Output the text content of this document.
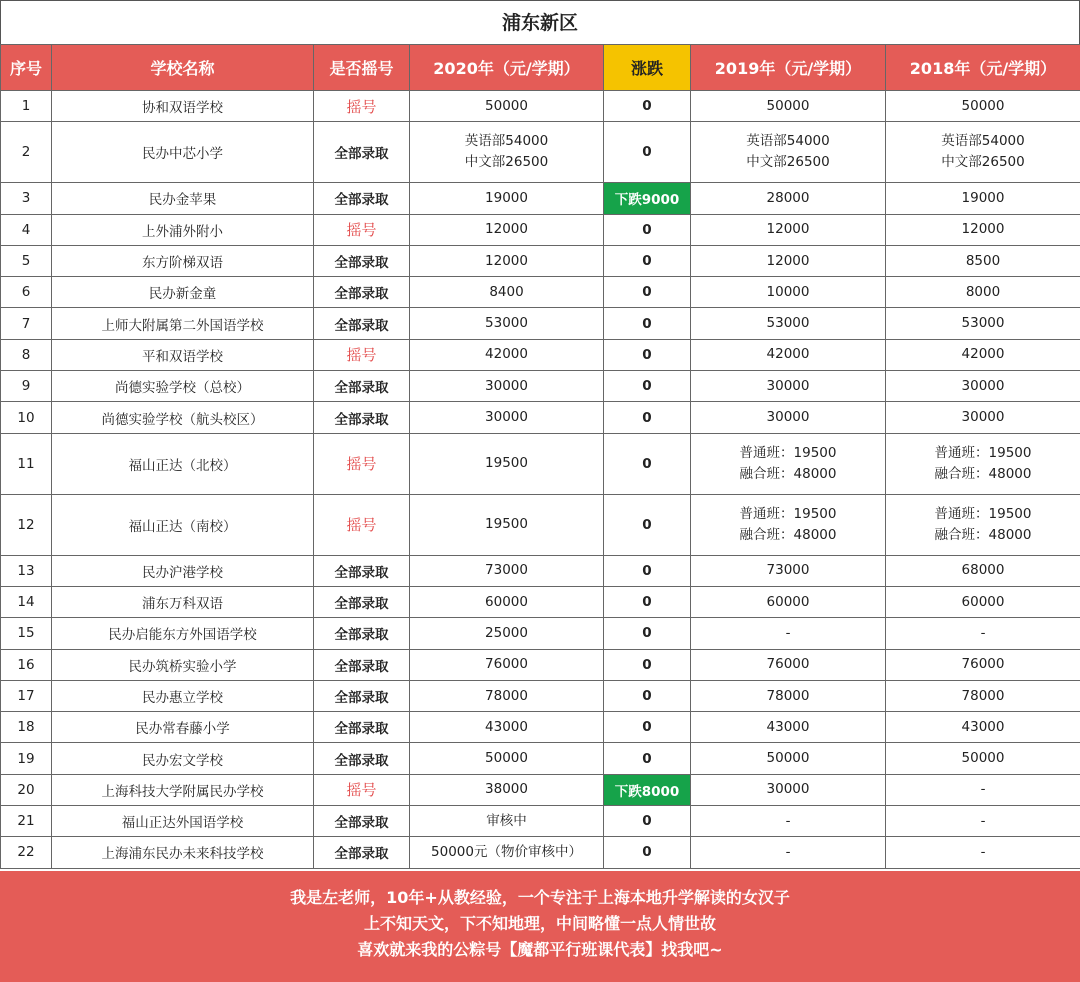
浦东新区
序号	学校名称	是否摇号	2020年（元/学期）	涨跌	2019年（元/学期）	2018年（元/学期）
1	协和双语学校	摇号	50000	0	50000	50000

2	民办中芯小学	全部录取	英语部54000
中文部26500	0	英语部54000
中文部26500	英语部54000
中文部26500

3	民办金苹果	全部录取	19000	下跌9000	28000	19000

4	上外浦外附小	摇号	12000	0	12000	12000

5	东方阶梯双语	全部录取	12000	0	12000	8500

6	民办新金童	全部录取	8400	0	10000	8000

7	上师大附属第二外国语学校	全部录取	53000	0	53000	53000

8	平和双语学校	摇号	42000	0	42000	42000

9	尚德实验学校（总校）	全部录取	30000	0	30000	30000

10	尚德实验学校（航头校区）	全部录取	30000	0	30000	30000

11	福山正达（北校）	摇号	19500	0	普通班：19500
融合班：48000	普通班：19500
融合班：48000

12	福山正达（南校）	摇号	19500	0	普通班：19500
融合班：48000	普通班：19500
融合班：48000

13	民办沪港学校	全部录取	73000	0	73000	68000

14	浦东万科双语	全部录取	60000	0	60000	60000

15	民办启能东方外国语学校	全部录取	25000	0	-	-

16	民办筑桥实验小学	全部录取	76000	0	76000	76000

17	民办惠立学校	全部录取	78000	0	78000	78000

18	民办常春藤小学	全部录取	43000	0	43000	43000

19	民办宏文学校	全部录取	50000	0	50000	50000

20	上海科技大学附属民办学校	摇号	38000	下跌8000	30000	-

21	福山正达外国语学校	全部录取	审核中	0	-	-

22	上海浦东民办未来科技学校	全部录取	50000元（物价审核中）	0	-	-
我是左老师，10年+从教经验，一个专注于上海本地升学解读的女汉子
上不知天文，下不知地理，中间略懂一点人情世故
喜欢就来我的公粽号【魔都平行班课代表】找我吧~
